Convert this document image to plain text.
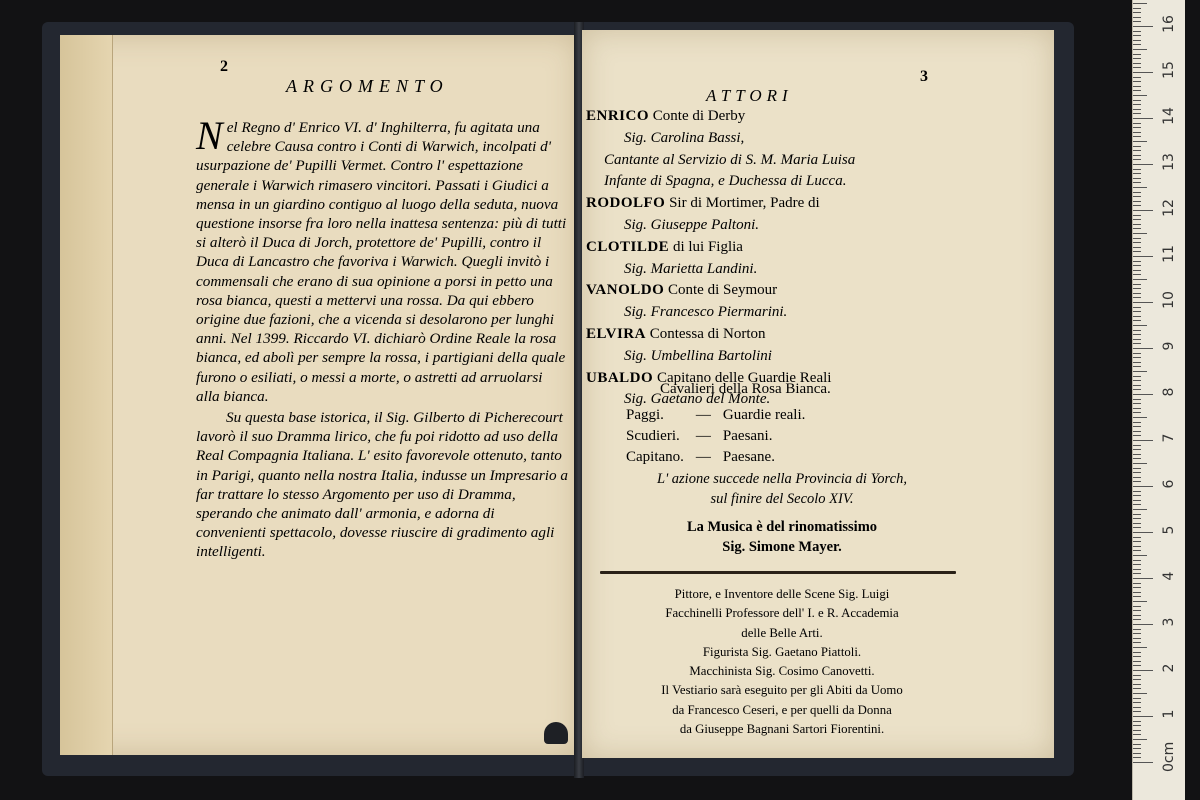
2
ARGOMENTO

Nel Regno d' Enrico VI. d' Inghilterra, fu agitata una celebre Causa contro i Conti di Warwich, incolpati d' usurpazione de' Pupilli Vermet. Contro l' espettazione generale i Warwich rimasero vincitori. Passati i Giudici a mensa in un giardino contiguo al luogo della seduta, nuova questione insorse fra loro nella inattesa sentenza: più di tutti si alterò il Duca di Jorch, protettore de' Pupilli, contro il Duca di Lancastro che favoriva i Warwich. Quegli invitò i commensali che erano di sua opinione a porsi in petto una rosa bianca, questi a mettervi una rossa. Da qui ebbero origine due fazioni, che a vicenda si desolarono per lunghi anni. Nel 1399. Riccardo VI. dichiarò Ordine Reale la rosa bianca, ed abolì per sempre la rossa, i partigiani della quale furono o esiliati, o messi a morte, o astretti ad arruolarsi alla bianca.

Su questa base istorica, il Sig. Gilberto di Picherecourt lavorò il suo Dramma lirico, che fu poi ridotto ad uso della Real Compagnia Italiana. L' esito favorevole ottenuto, tanto in Parigi, quanto nella nostra Italia, indusse un Impresario a far trattare lo stesso Argomento per uso di Dramma, sperando che animato dall' armonia, e adorna di convenienti spettacolo, dovesse riuscire di gradimento agli intelligenti.

3
ATTORI
ENRICO Conte di Derby
Sig. Carolina Bassi,
Cantante al Servizio di S. M. Maria Luisa
Infante di Spagna, e Duchessa di Lucca.
RODOLFO Sir di Mortimer, Padre di
Sig. Giuseppe Paltoni.
CLOTILDE di lui Figlia
Sig. Marietta Landini.
VANOLDO Conte di Seymour
Sig. Francesco Piermarini.
ELVIRA Contessa di Norton
Sig. Umbellina Bartolini
UBALDO Capitano delle Guardie Reali
Sig. Gaetano del Monte.
Cavalieri della Rosa Bianca.
Paggi.	—	Guardie reali.
Scudieri.	—	Paesani.
Capitano.	—	Paesane.
L' azione succede nella Provincia di Yorch,
sul finire del Secolo XIV.
La Musica è del rinomatissimo
Sig. Simone Mayer.
Pittore, e Inventore delle Scene Sig. Luigi
Facchinelli Professore dell' I. e R. Accademia
delle Belle Arti.
Figurista Sig. Gaetano Piattoli.
Macchinista Sig. Cosimo Canovetti.
Il Vestiario sarà eseguito per gli Abiti da Uomo
da Francesco Ceseri, e per quelli da Donna
da Giuseppe Bagnani Sartori Fiorentini.
0cm
1
2
3
4
5
6
7
8
9
10
11
12
13
14
15
16
